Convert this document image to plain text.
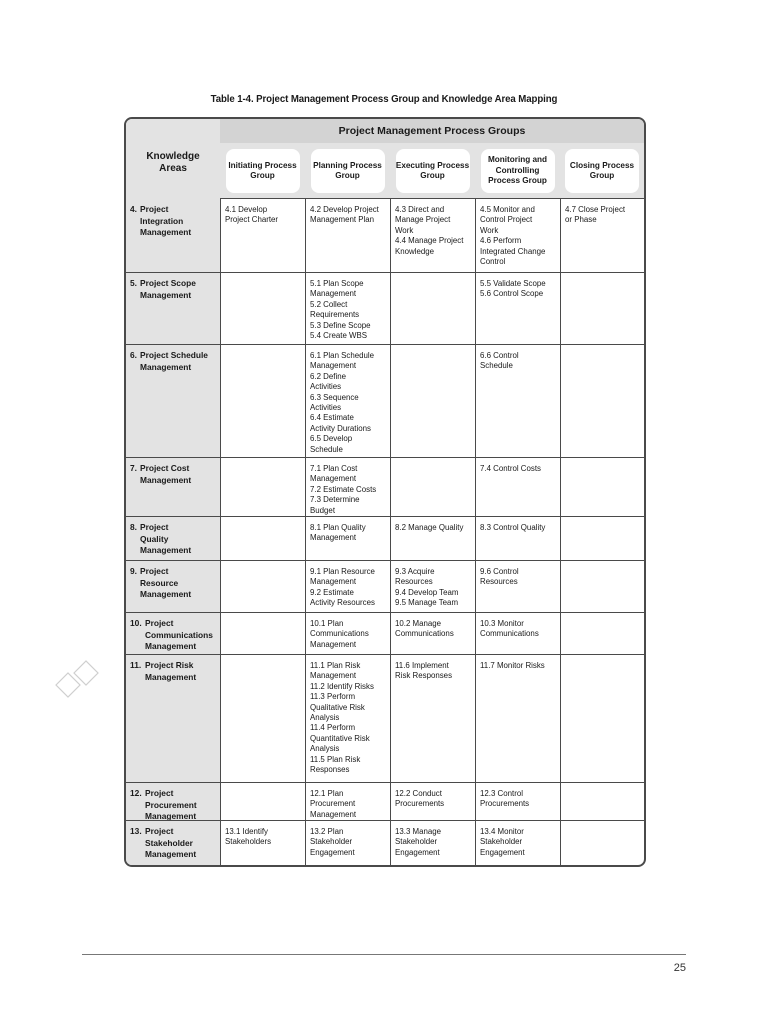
Table 1-4. Project Management Process Group and Knowledge Area Mapping
Project Management Process Groups
Knowledge
Areas	Initiating Process Group
Planning Process Group
Executing Process Group
Monitoring and Controlling Process Group
Closing Process Group
4. Project
Integration
Management
4.1 Develop
Project Charter
4.2 Develop Project
Management Plan
4.3 Direct and
Manage Project
Work
4.4 Manage Project
Knowledge
4.5 Monitor and
Control Project
Work
4.6 Perform
Integrated Change
Control
4.7 Close Project
or Phase
5. Project Scope
Management
5.1 Plan Scope
Management
5.2 Collect
Requirements
5.3 Define Scope
5.4 Create WBS
5.5 Validate Scope
5.6 Control Scope
6. Project Schedule
Management
6.1 Plan Schedule
Management
6.2 Define
Activities
6.3 Sequence
Activities
6.4 Estimate
Activity Durations
6.5 Develop
Schedule
6.6 Control
Schedule
7. Project Cost
Management
7.1 Plan Cost
Management
7.2 Estimate Costs
7.3 Determine
Budget
7.4 Control Costs
8. Project
Quality
Management
8.1 Plan Quality
Management
8.2 Manage Quality	8.3 Control Quality
9. Project
Resource
Management
9.1 Plan Resource
Management
9.2 Estimate
Activity Resources
9.3 Acquire
Resources
9.4 Develop Team
9.5 Manage Team
9.6 Control
Resources
10. Project
Communications
Management
10.1 Plan
Communications
Management
10.2 Manage
Communications
10.3 Monitor
Communications
11. Project Risk
Management
11.1 Plan Risk
Management
11.2 Identify Risks
11.3 Perform
Qualitative Risk
Analysis
11.4 Perform
Quantitative Risk
Analysis
11.5 Plan Risk
Responses
11.6 Implement
Risk Responses
11.7 Monitor Risks
12. Project
Procurement
Management
12.1 Plan
Procurement
Management
12.2 Conduct
Procurements
12.3 Control
Procurements
13. Project
Stakeholder
Management
13.1 Identify
Stakeholders
13.2 Plan
Stakeholder
Engagement
13.3 Manage
Stakeholder
Engagement
13.4 Monitor
Stakeholder
Engagement
25
